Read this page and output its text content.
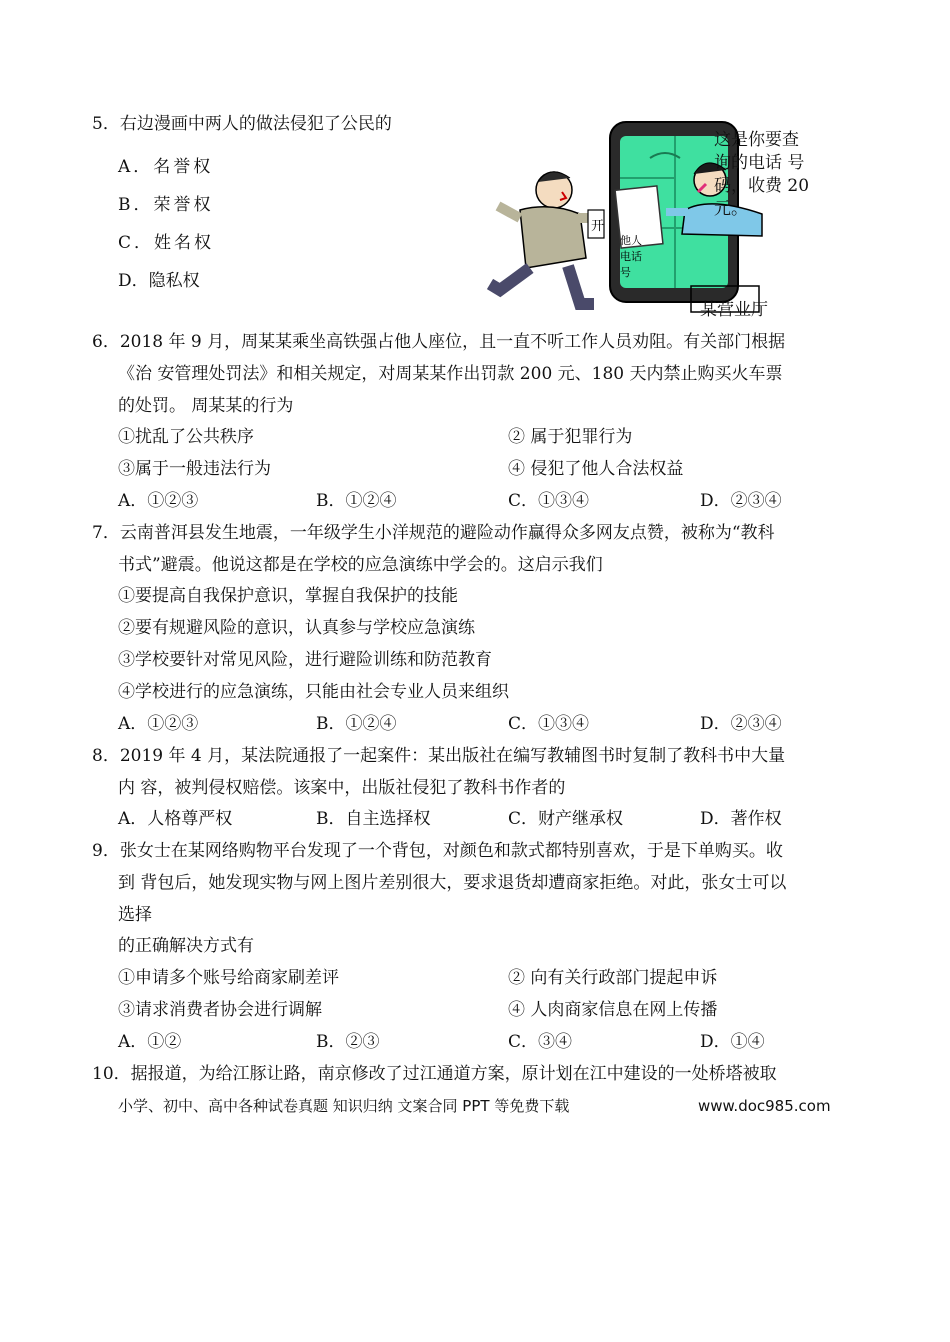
5．右边漫画中两人的做法侵犯了公民的
A．名誉权
B．荣誉权
C．姓名权
D．隐私权
开
他人
电话
号
这是你要查
询的电话 号
码，收费 20
元。
某营业厅
6．2018 年 9 月，周某某乘坐高铁强占他人座位，且一直不听工作人员劝阻。有关部门根据
《治 安管理处罚法》和相关规定，对周某某作出罚款 200 元、180 天内禁止购买火车票
的处罚。 周某某的行为
①扰乱了公共秩序	② 属于犯罪行为
③属于一般违法行为	④ 侵犯了他人合法权益
A．①②③	B．①②④	C．①③④	D．②③④
7．云南普洱县发生地震，一年级学生小洋规范的避险动作赢得众多网友点赞，被称为“教科
书式”避震。他说这都是在学校的应急演练中学会的。这启示我们
①要提高自我保护意识，掌握自我保护的技能
②要有规避风险的意识，认真参与学校应急演练
③学校要针对常见风险，进行避险训练和防范教育
④学校进行的应急演练，只能由社会专业人员来组织
A．①②③	B．①②④	C．①③④	D．②③④
8．2019 年 4 月，某法院通报了一起案件：某出版社在编写教辅图书时复制了教科书中大量
内 容，被判侵权赔偿。该案中，出版社侵犯了教科书作者的
A．人格尊严权	B．自主选择权	C．财产继承权	D．著作权
9．张女士在某网络购物平台发现了一个背包，对颜色和款式都特别喜欢，于是下单购买。收
到 背包后，她发现实物与网上图片差别很大，要求退货却遭商家拒绝。对此，张女士可以
选择
的正确解决方式有
①申请多个账号给商家刷差评	② 向有关行政部门提起申诉
③请求消费者协会进行调解	④ 人肉商家信息在网上传播
A．①②	B．②③	C．③④	D．①④
10．据报道，为给江豚让路，南京修改了过江通道方案，原计划在江中建设的一处桥塔被取
小学、初中、高中各种试卷真题 知识归纳 文案合同 PPT 等免费下载	www.doc985.com
